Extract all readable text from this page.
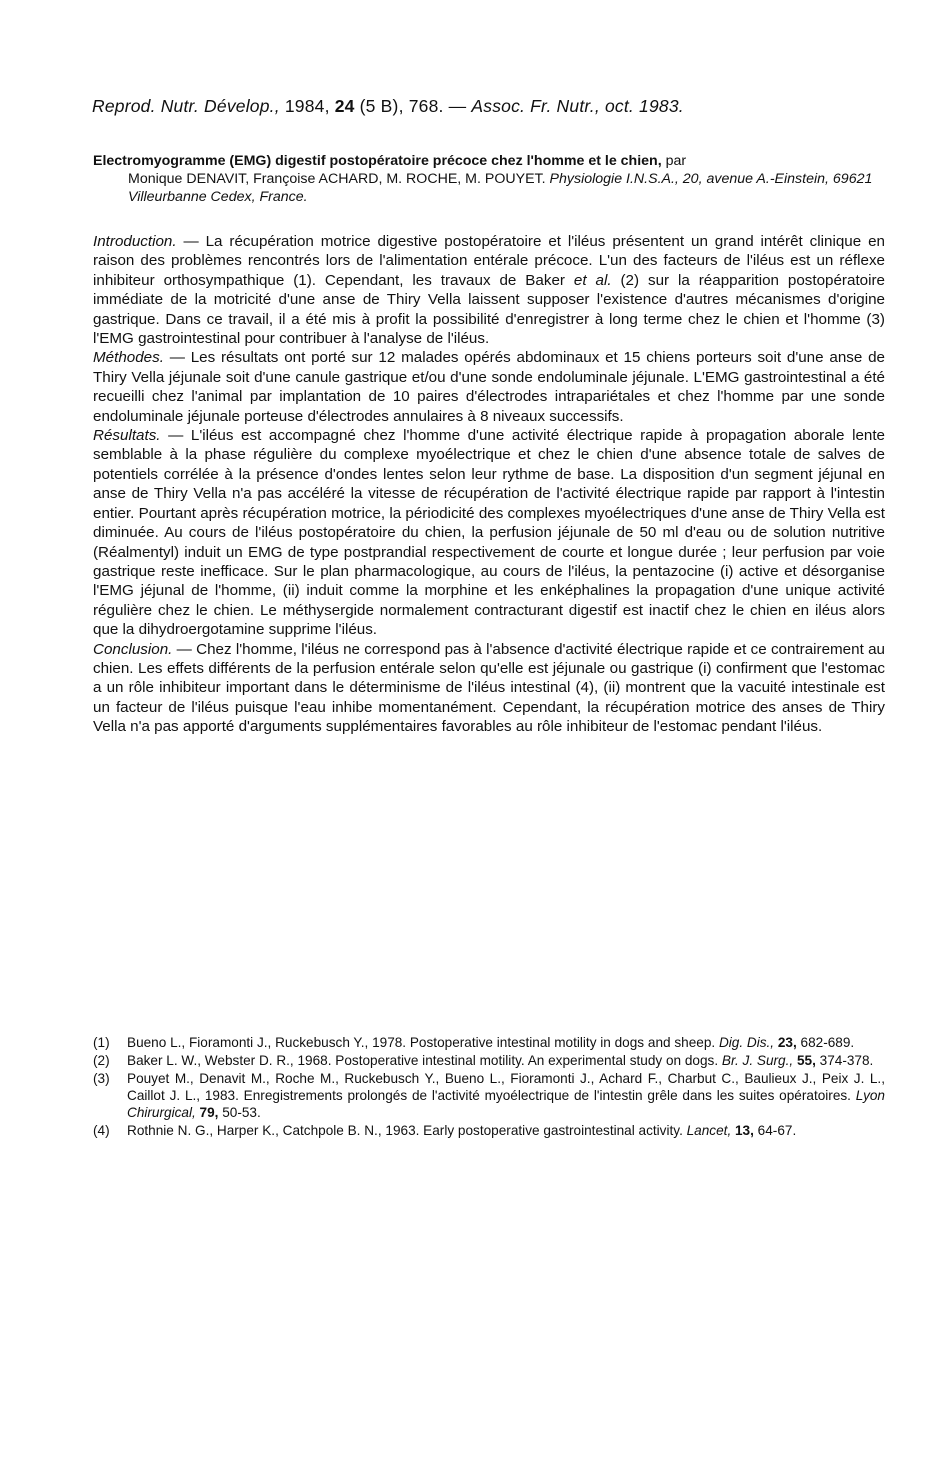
Reprod. Nutr. Dévelop., 1984, 24 (5 B), 768. — Assoc. Fr. Nutr., oct. 1983.
Electromyogramme (EMG) digestif postopératoire précoce chez l'homme et le chien, par
Monique DENAVIT, Françoise ACHARD, M. ROCHE, M. POUYET. Physiologie I.N.S.A., 20, avenue A.-Einstein, 69621 Villeurbanne Cedex, France.

Introduction. — La récupération motrice digestive postopératoire et l'iléus présentent un grand intérêt clinique en raison des problèmes rencontrés lors de l'alimentation entérale précoce. L'un des facteurs de l'iléus est un réflexe inhibiteur orthosympathique (1). Cependant, les travaux de Baker et al. (2) sur la réapparition postopératoire immédiate de la motricité d'une anse de Thiry Vella laissent supposer l'existence d'autres mécanismes d'origine gastrique. Dans ce travail, il a été mis à profit la possibilité d'enregistrer à long terme chez le chien et l'homme (3) l'EMG gastrointestinal pour contribuer à l'analyse de l'iléus.

Méthodes. — Les résultats ont porté sur 12 malades opérés abdominaux et 15 chiens porteurs soit d'une anse de Thiry Vella jéjunale soit d'une canule gastrique et/ou d'une sonde endoluminale jéjunale. L'EMG gastrointestinal a été recueilli chez l'animal par implantation de 10 paires d'électrodes intrapariétales et chez l'homme par une sonde endoluminale jéjunale porteuse d'électrodes annulaires à 8 niveaux successifs.

Résultats. — L'iléus est accompagné chez l'homme d'une activité électrique rapide à propagation aborale lente semblable à la phase régulière du complexe myoélectrique et chez le chien d'une absence totale de salves de potentiels corrélée à la présence d'ondes lentes selon leur rythme de base. La disposition d'un segment jéjunal en anse de Thiry Vella n'a pas accéléré la vitesse de récupération de l'activité électrique rapide par rapport à l'intestin entier. Pourtant après récupération motrice, la périodicité des complexes myoélectriques d'une anse de Thiry Vella est diminuée. Au cours de l'iléus postopératoire du chien, la perfusion jéjunale de 50 ml d'eau ou de solution nutritive (Réalmentyl) induit un EMG de type postprandial respectivement de courte et longue durée ; leur perfusion par voie gastrique reste inefficace. Sur le plan pharmacologique, au cours de l'iléus, la pentazocine (i) active et désorganise l'EMG jéjunal de l'homme, (ii) induit comme la morphine et les enképhalines la propagation d'une unique activité régulière chez le chien. Le méthysergide normalement contracturant digestif est inactif chez le chien en iléus alors que la dihydroergotamine supprime l'iléus.

Conclusion. — Chez l'homme, l'iléus ne correspond pas à l'absence d'activité électrique rapide et ce contrairement au chien. Les effets différents de la perfusion entérale selon qu'elle est jéjunale ou gastrique (i) confirment que l'estomac a un rôle inhibiteur important dans le déterminisme de l'iléus intestinal (4), (ii) montrent que la vacuité intestinale est un facteur de l'iléus puisque l'eau inhibe momentanément. Cependant, la récupération motrice des anses de Thiry Vella n'a pas apporté d'arguments supplémentaires favorables au rôle inhibiteur de l'estomac pendant l'iléus.

(1) Bueno L., Fioramonti J., Ruckebusch Y., 1978. Postoperative intestinal motility in dogs and sheep. Dig. Dis., 23, 682-689.
(2) Baker L. W., Webster D. R., 1968. Postoperative intestinal motility. An experimental study on dogs. Br. J. Surg., 55, 374-378.
(3) Pouyet M., Denavit M., Roche M., Ruckebusch Y., Bueno L., Fioramonti J., Achard F., Charbut C., Baulieux J., Peix J. L., Caillot J. L., 1983. Enregistrements prolongés de l'activité myoélectrique de l'intestin grêle dans les suites opératoires. Lyon Chirurgical, 79, 50-53.
(4) Rothnie N. G., Harper K., Catchpole B. N., 1963. Early postoperative gastrointestinal activity. Lancet, 13, 64-67.
